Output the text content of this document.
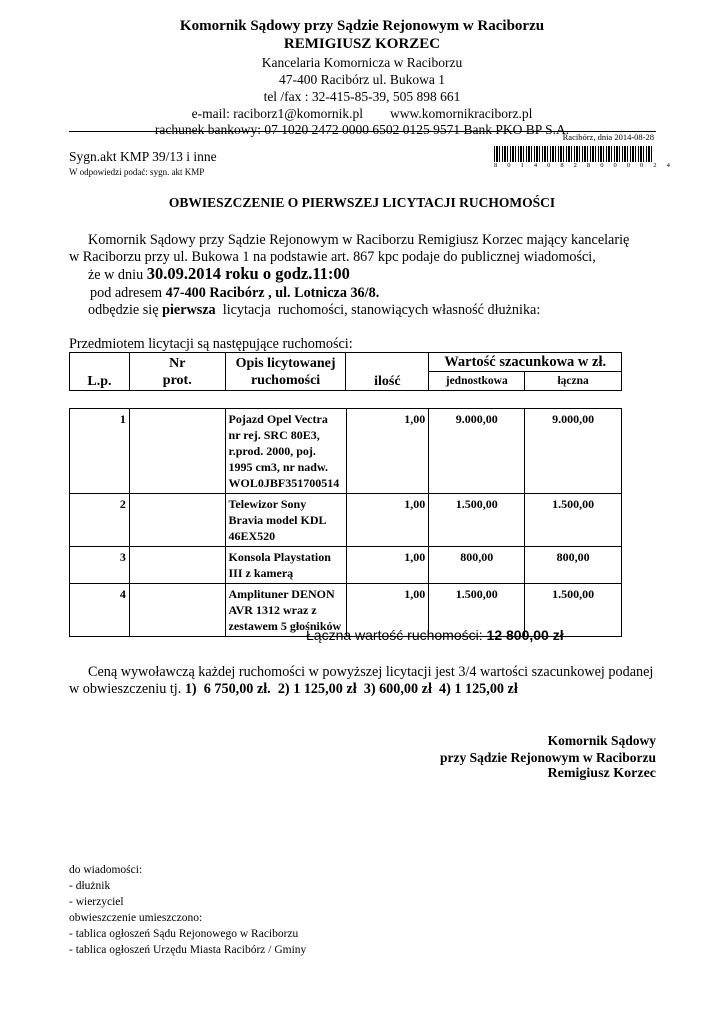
Komornik Sądowy przy Sądzie Rejonowym w Raciborzu
REMIGIUSZ KORZEC
Kancelaria Komornicza w Raciborzu
47-400 Racibórz ul. Bukowa 1
tel /fax : 32-415-85-39, 505 898 661
e-mail: raciborz1@komornik.pl        www.komornikraciborz.pl
rachunek bankowy: 07 1020 2472 0000 6502 0125 9571 Bank PKO BP S.A.
Racibórz, dnia 2014-08-28
8 0 1 4 0 8 2 8 0 0 0 0 2 4
Sygn.akt KMP 39/13 i inne
W odpowiedzi podać: sygn. akt KMP
OBWIESZCZENIE O PIERWSZEJ LICYTACJI RUCHOMOŚCI
Komornik Sądowy przy Sądzie Rejonowym w Raciborzu Remigiusz Korzec mający kancelarię
w Raciborzu przy ul. Bukowa 1 na podstawie art. 867 kpc podaje do publicznej wiadomości,
że w dniu 30.09.2014 roku o godz.11:00
pod adresem 47-400 Racibórz , ul. Lotnicza 36/8.
odbędzie się pierwsza  licytacja  ruchomości, stanowiących własność dłużnika:
Przedmiotem licytacji są następujące ruchomości:
L.p.	Nr	Opis licytowanej	ilość	Wartość szacunkowa w zł.	
	prot.	ruchomości		jednostkowa	łączna
1		Pojazd Opel Vectra nr rej. SRC 80E3, r.prod. 2000, poj. 1995 cm3, nr nadw. WOL0JBF351700514	1,00	9.000,00	9.000,00
2		Telewizor Sony Bravia model KDL 46EX520	1,00	1.500,00	1.500,00
3		Konsola Playstation III z kamerą	1,00	800,00	800,00
4		Amplituner DENON AVR 1312 wraz z zestawem 5 głośników	1,00	1.500,00	1.500,00
Łączna wartość ruchomości: 12 800,00 zł
Ceną wywoławczą każdej ruchomości w powyższej licytacji jest 3/4 wartości szacunkowej podanej
w obwieszczeniu tj. 1)  6 750,00 zł.  2) 1 125,00 zł  3) 600,00 zł  4) 1 125,00 zł
Komornik Sądowy
przy Sądzie Rejonowym w Raciborzu
Remigiusz Korzec
do wiadomości:
- dłużnik
- wierzyciel
obwieszczenie umieszczono:
- tablica ogłoszeń Sądu Rejonowego w Raciborzu
- tablica ogłoszeń Urzędu Miasta Racibórz / Gminy
